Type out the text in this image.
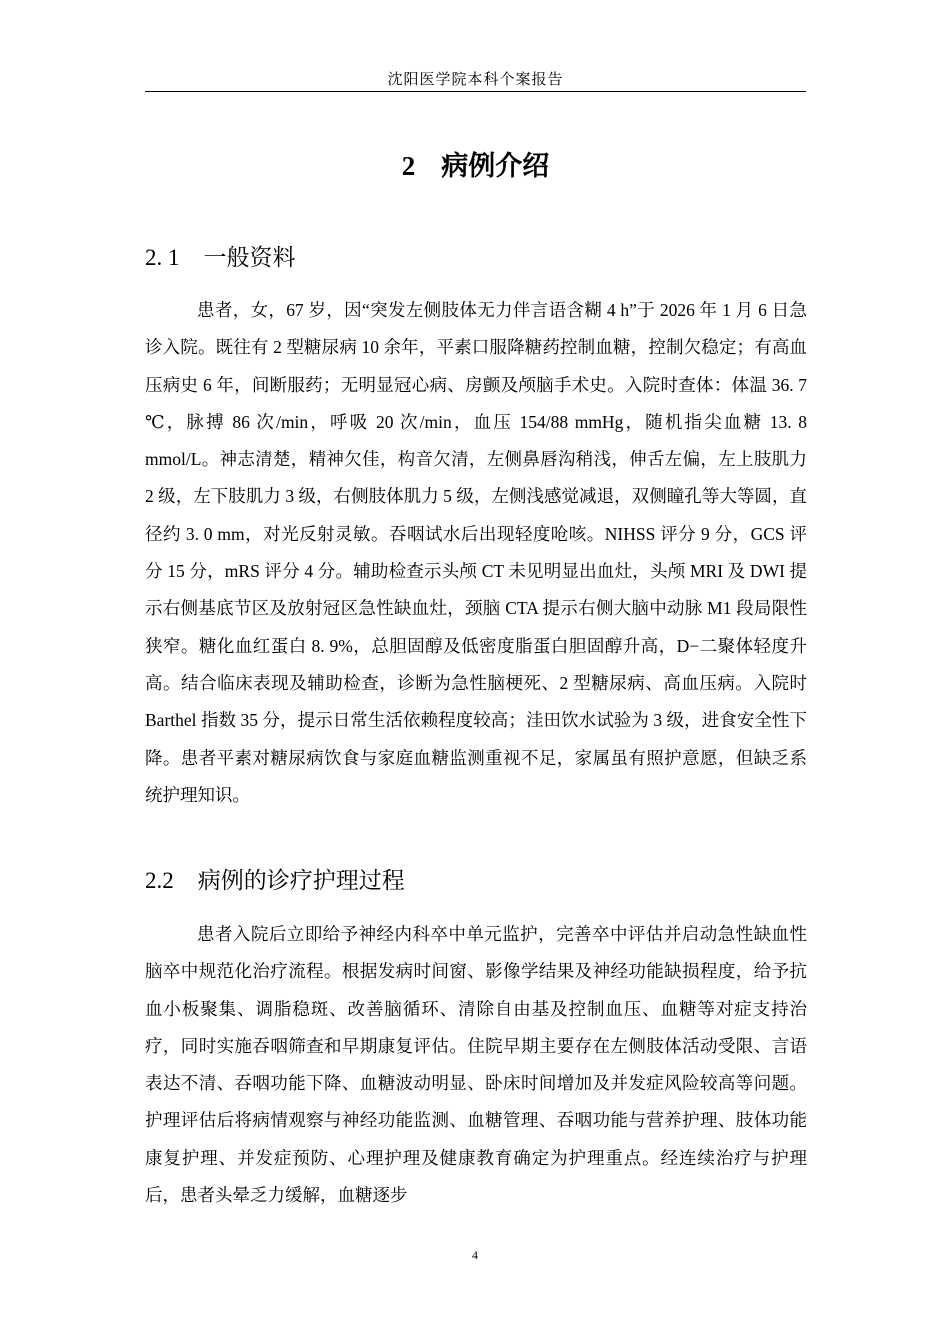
沈阳医学院本科个案报告
2 病例介绍
2. 1 一般资料
患者，女，67 岁，因“突发左侧肢体无力伴言语含糊 4 h”于 2026 年 1 月 6 日急诊入院。既往有 2 型糖尿病 10 余年，平素口服降糖药控制血糖，控制欠稳定；有高血压病史 6 年，间断服药；无明显冠心病、房颤及颅脑手术史。入院时查体：体温 36. 7 ℃，脉搏 86 次/min，呼吸 20 次/min，血压 154/88 mmHg，随机指尖血糖 13. 8 mmol/L。神志清楚，精神欠佳，构音欠清，左侧鼻唇沟稍浅，伸舌左偏，左上肢肌力 2 级，左下肢肌力 3 级，右侧肢体肌力 5 级，左侧浅感觉减退，双侧瞳孔等大等圆，直径约 3. 0 mm，对光反射灵敏。吞咽试水后出现轻度呛咳。NIHSS 评分 9 分，GCS 评分 15 分，mRS 评分 4 分。辅助检查示头颅 CT 未见明显出血灶，头颅 MRI 及 DWI 提示右侧基底节区及放射冠区急性缺血灶，颈脑 CTA 提示右侧大脑中动脉 M1 段局限性狭窄。糖化血红蛋白 8. 9%，总胆固醇及低密度脂蛋白胆固醇升高，D−二聚体轻度升高。结合临床表现及辅助检查，诊断为急性脑梗死、2 型糖尿病、高血压病。入院时 Barthel 指数 35 分，提示日常生活依赖程度较高；洼田饮水试验为 3 级，进食安全性下降。患者平素对糖尿病饮食与家庭血糖监测重视不足，家属虽有照护意愿，但缺乏系统护理知识。
2.2 病例的诊疗护理过程
患者入院后立即给予神经内科卒中单元监护，完善卒中评估并启动急性缺血性脑卒中规范化治疗流程。根据发病时间窗、影像学结果及神经功能缺损程度，给予抗血小板聚集、调脂稳斑、改善脑循环、清除自由基及控制血压、血糖等对症支持治疗，同时实施吞咽筛查和早期康复评估。住院早期主要存在左侧肢体活动受限、言语表达不清、吞咽功能下降、血糖波动明显、卧床时间增加及并发症风险较高等问题。护理评估后将病情观察与神经功能监测、血糖管理、吞咽功能与营养护理、肢体功能康复护理、并发症预防、心理护理及健康教育确定为护理重点。经连续治疗与护理后，患者头晕乏力缓解，血糖逐步
4
